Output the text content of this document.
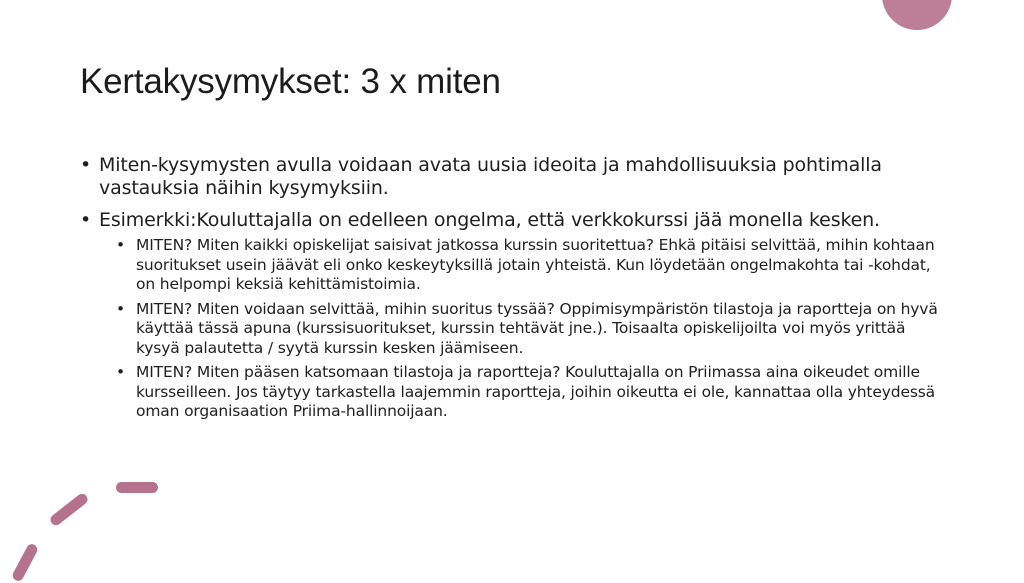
Kertakysymykset: 3 x miten
• Miten-kysymysten avulla voidaan avata uusia ideoita ja mahdollisuuksia pohtimalla vastauksia näihin kysymyksiin.
• Esimerkki:Kouluttajalla on edelleen ongelma, että verkkokurssi jää monella kesken.
• MITEN? Miten kaikki opiskelijat saisivat jatkossa kurssin suoritettua? Ehkä pitäisi selvittää, mihin kohtaan suoritukset usein jäävät eli onko keskeytyksillä jotain yhteistä. Kun löydetään ongelmakohta tai -kohdat, on helpompi keksiä kehittämistoimia.
• MITEN? Miten voidaan selvittää, mihin suoritus tyssää? Oppimisympäristön tilastoja ja raportteja on hyvä käyttää tässä apuna (kurssisuoritukset, kurssin tehtävät jne.). Toisaalta opiskelijoilta voi myös yrittää kysyä palautetta / syytä kurssin kesken jäämiseen.
• MITEN? Miten pääsen katsomaan tilastoja ja raportteja? Kouluttajalla on Priimassa aina oikeudet omille kursseilleen. Jos täytyy tarkastella laajemmin raportteja, joihin oikeutta ei ole, kannattaa olla yhteydessä oman organisaation Priima-hallinnoijaan.
